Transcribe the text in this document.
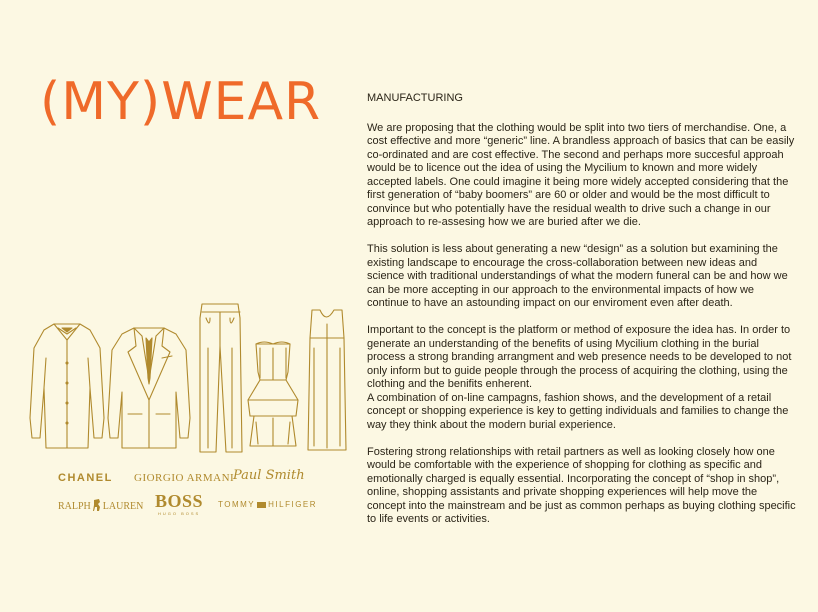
(MY)WEAR
CHANEL GIORGIO ARMANI
Paul Smith
RALPH LAUREN BOSS
HUGO BOSS
TOMMY HILFIGER
MANUFACTURING

We are proposing that the clothing would be split into two tiers of merchandise. One, a cost effective and more “generic” line. A brandless approach of basics that can be easily co-ordinated and are cost effective. The second and perhaps more succesful approah would be to licence out the idea of using the Mycilium to known and more widely accepted labels. One could imagine it being more widely accepted considering that the first generation of “baby boomers” are 60 or older and would be the most difficult to convince but who potentially have the residual wealth to drive such a change in our approach to re-assesing how we are buried after we die.

This solution is less about generating a new “design” as a solution but examining the existing landscape to encourage the cross-collaboration between new ideas and science with traditional understandings of what the modern funeral can be and how we can be more accepting in our approach to the environmental impacts of how we continue to have an astounding impact on our enviroment even after death.

Important to the concept is the platform or method of exposure the idea has. In order to generate an understanding of the benefits of using Mycilium clothing in the burial process a strong branding arrangment and web presence needs to be developed to not only inform but to guide people through the process of acquiring the clothing, using the clothing and the benifits enherent.

A combination of on-line campagns, fashion shows, and the development of a retail concept or shopping experience is key to getting individuals and families to change the way they think about the modern burial experience.

Fostering strong relationships with retail partners as well as looking closely how one would be comfortable with the experience of shopping for clothing as specific and emotionally charged is equally essential. Incorporating the concept of “shop in shop”, online, shopping assistants and private shopping experiences will help move the concept into the mainstream and be just as common perhaps as buying clothing specific to life events or activities.
